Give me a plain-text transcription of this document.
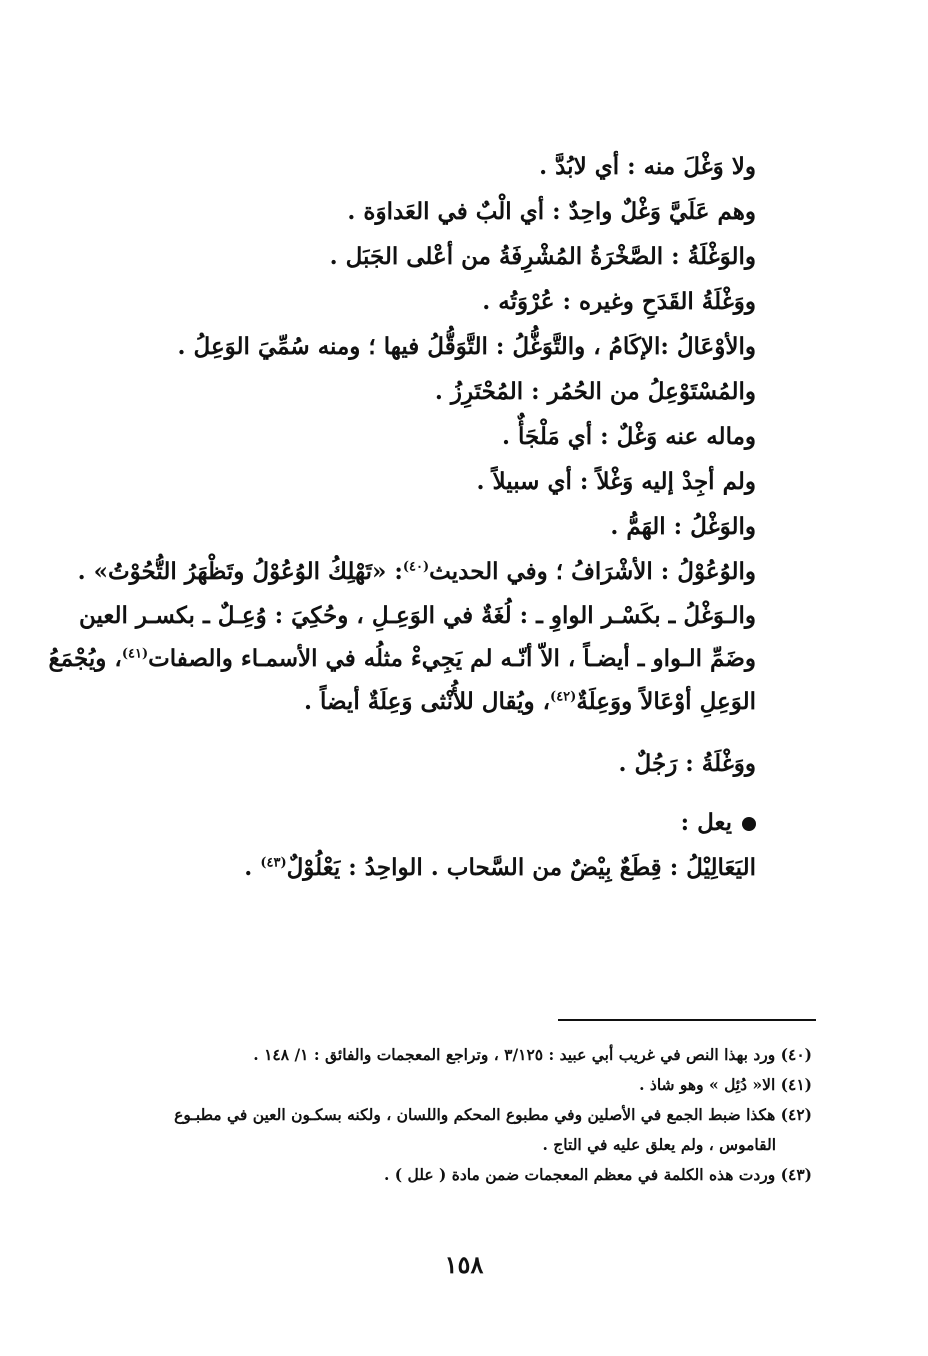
ولا وَغْلَ منه : أي لابُدَّ .
وهم عَلَيَّ وَغْلٌ واحِدٌ : أي الْبٌ في العَداوَة .
والوَغْلَةُ : الصَّخْرَةُ المُشْرِفَةُ من أعْلى الجَبَل .
ووَغْلَةُ القَدَحِ وغيره : عُرْوَتُه .
والأوْعَالُ :الإكَامُ ، والتَّوَغُّلُ : التَّوَقُّلُ فيها ؛ ومنه سُمِّيَ الوَعِلُ .
والمُسْتَوْعِلُ من الحُمُر : المُحْتَرِزُ .
وماله عنه وَغْلٌ : أي مَلْجَأٌ .
ولم أجِدْ إليه وَغْلاً : أي سبيلاً .
والوَغْلُ : الهَمُّ .
والوُعُوْلُ : الأشْرَافُ ؛ وفي الحديث$^{(٤٠)}$: «تَهْلِكُ الوُعُوْلُ وتَظْهَرُ التُّحُوْتُ» .
والـوَغْلُ ـ بكَسْـر الواوِ ـ : لُغَةٌ في الوَعِـلِ ، وحُكِيَ : وُعِـلٌ ـ بكسـر العين
وضَمِّ الـواو ـ أيضـاً ، الاّ أنّـه لم يَجِيءْ مثلُه في الأسمـاء والصفات$^{(٤١)}$، ويُجْمَعُ
الوَعِلِ أوْعَالاً ووَعِلَةٌ$^{(٤٢)}$، ويُقال للأُنْثى وَعِلَةٌ أيضاً .
ووَغْلَةُ : رَجُلٌ .
يعل :
اليَعَالِيْلُ : قِطَعٌ بِيْضٌ من السَّحاب . الواحِدُ : يَعْلُوْلٌ$^{(٤٣)}$ .
(٤٠) ورد بهذا النص في غريب أبي عبيد : ٣/١٢٥ ، وتراجع المعجمات والفائق : ١/ ١٤٨ .
(٤١) الا« دُئِل » وهو شاذ .
(٤٢) هكذا ضبط الجمع في الأصلين وفي مطبوع المحكم واللسان ، ولكنه بسكـون العين في مطبـوع
القاموس ، ولم يعلق عليه في التاج .
(٤٣) وردت هذه الكلمة في معظم المعجمات ضمن مادة ( علل ) .
١٥٨
